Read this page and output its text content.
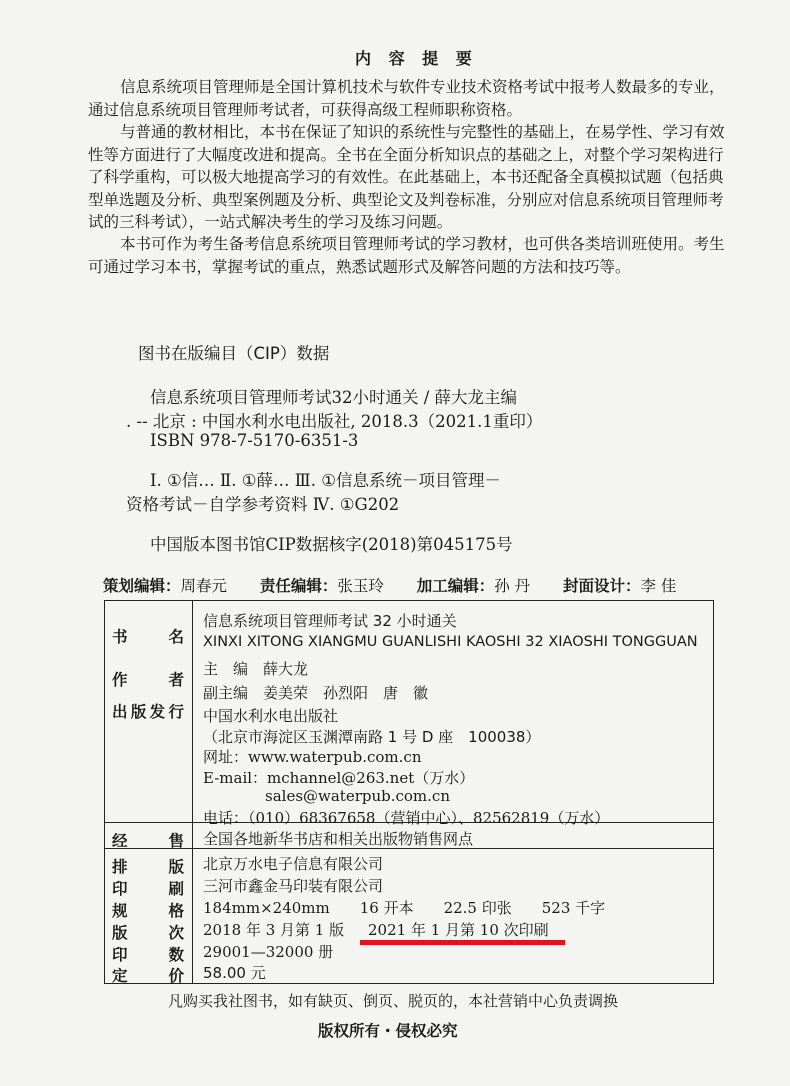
内 容 提 要
信息系统项目管理师是全国计算机技术与软件专业技术资格考试中报考人数最多的专业，通过信息系统项目管理师考试者，可获得高级工程师职称资格。
与普通的教材相比，本书在保证了知识的系统性与完整性的基础上，在易学性、学习有效性等方面进行了大幅度改进和提高。全书在全面分析知识点的基础之上，对整个学习架构进行了科学重构，可以极大地提高学习的有效性。在此基础上，本书还配备全真模拟试题（包括典型单选题及分析、典型案例题及分析、典型论文及判卷标准，分别应对信息系统项目管理师考试的三科考试），一站式解决考生的学习及练习问题。
本书可作为考生备考信息系统项目管理师考试的学习教材，也可供各类培训班使用。考生可通过学习本书，掌握考试的重点，熟悉试题形式及解答问题的方法和技巧等。
图书在版编目（CIP）数据
信息系统项目管理师考试32小时通关 / 薛大龙主编
. -- 北京 : 中国水利水电出版社, 2018.3（2021.1重印）
ISBN 978-7-5170-6351-3
Ⅰ. ①信… Ⅱ. ①薛… Ⅲ. ①信息系统－项目管理－
资格考试－自学参考资料 Ⅳ. ①G202
中国版本图书馆CIP数据核字(2018)第045175号
策划编辑：周春元 责任编辑：张玉玲 加工编辑：孙 丹 封面设计：李 佳
书名
作者
出版发行
经售
排版
印刷
规格
版次
印数
定价
信息系统项目管理师考试 32 小时通关
XINXI XITONG XIANGMU GUANLISHI KAOSHI 32 XIAOSHI TONGGUAN
主　编　薛大龙
副主编　姜美荣　孙烈阳　唐　徽
中国水利水电出版社
（北京市海淀区玉渊潭南路 1 号 D 座　100038）
网址：www.waterpub.com.cn
E-mail：mchannel@263.net（万水）
sales@waterpub.com.cn
电话：（010）68367658（营销中心）、82562819（万水）
全国各地新华书店和相关出版物销售网点
北京万水电子信息有限公司
三河市鑫金马印装有限公司
184mm×240mm　　16 开本　　22.5 印张　　523 千字
2018 年 3 月第 1 版 2021 年 1 月第 10 次印刷
29001—32000 册
58.00 元
凡购买我社图书，如有缺页、倒页、脱页的，本社营销中心负责调换
版权所有・侵权必究
